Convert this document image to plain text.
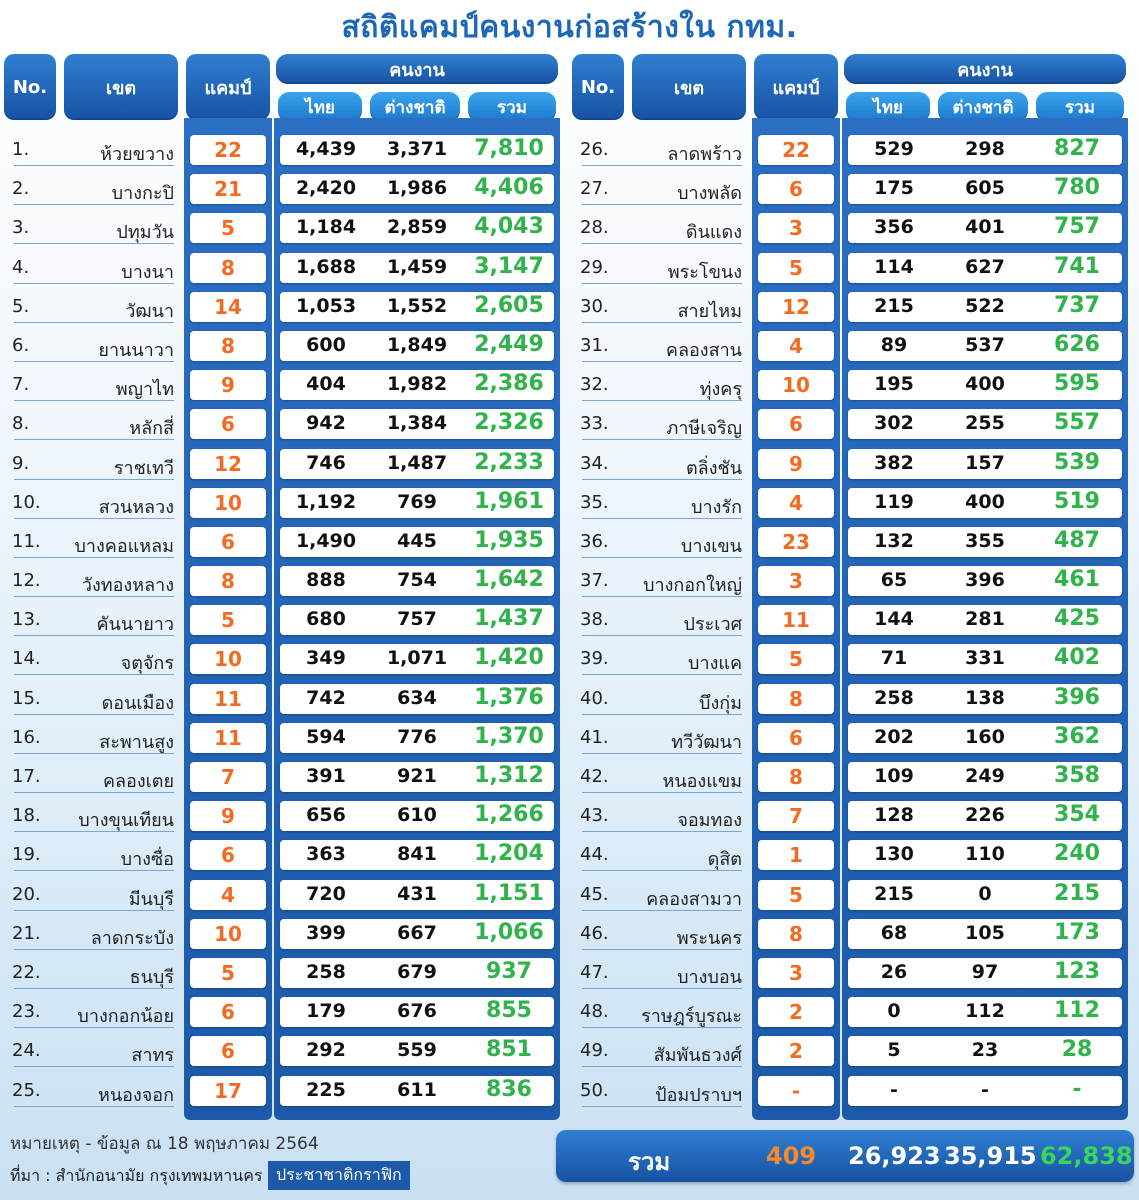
สถิติแคมป์คนงานก่อสร้างใน กทม.
No.	เขต	แคมป์
คนงาน
ไทย	ต่างชาติ	รวม
1.	ห้วยขวาง	22	4,439	3,371	7,810
2.	บางกะปิ	21	2,420	1,986	4,406
3.	ปทุมวัน	5	1,184	2,859	4,043
4.	บางนา	8	1,688	1,459	3,147
5.	วัฒนา	14	1,053	1,552	2,605
6.	ยานนาวา	8	600	1,849	2,449
7.	พญาไท	9	404	1,982	2,386
8.	หลักสี่	6	942	1,384	2,326
9.	ราชเทวี	12	746	1,487	2,233
10.	สวนหลวง	10	1,192	769	1,961
11.	บางคอแหลม	6	1,490	445	1,935
12.	วังทองหลาง	8	888	754	1,642
13.	คันนายาว	5	680	757	1,437
14.	จตุจักร	10	349	1,071	1,420
15.	ดอนเมือง	11	742	634	1,376
16.	สะพานสูง	11	594	776	1,370
17.	คลองเตย	7	391	921	1,312
18.	บางขุนเทียน	9	656	610	1,266
19.	บางซื่อ	6	363	841	1,204
20.	มีนบุรี	4	720	431	1,151
21.	ลาดกระบัง	10	399	667	1,066
22.	ธนบุรี	5	258	679	937
23.	บางกอกน้อย	6	179	676	855
24.	สาทร	6	292	559	851
25.	หนองจอก	17	225	611	836
No.	เขต	แคมป์
คนงาน
ไทย	ต่างชาติ	รวม
26.	ลาดพร้าว	22	529	298	827
27.	บางพลัด	6	175	605	780
28.	ดินแดง	3	356	401	757
29.	พระโขนง	5	114	627	741
30.	สายไหม	12	215	522	737
31.	คลองสาน	4	89	537	626
32.	ทุ่งครุ	10	195	400	595
33.	ภาษีเจริญ	6	302	255	557
34.	ตลิ่งชัน	9	382	157	539
35.	บางรัก	4	119	400	519
36.	บางเขน	23	132	355	487
37.	บางกอกใหญ่	3	65	396	461
38.	ประเวศ	11	144	281	425
39.	บางแค	5	71	331	402
40.	บึงกุ่ม	8	258	138	396
41.	ทวีวัฒนา	6	202	160	362
42.	หนองแขม	8	109	249	358
43.	จอมทอง	7	128	226	354
44.	ดุสิต	1	130	110	240
45.	คลองสามวา	5	215	0	215
46.	พระนคร	8	68	105	173
47.	บางบอน	3	26	97	123
48.	ราษฎร์บูรณะ	2	0	112	112
49.	สัมพันธวงศ์	2	5	23	28
50.	ป้อมปราบฯ	-	-	-	-
หมายเหตุ - ข้อมูล ณ 18 พฤษภาคม 2564
ที่มา : สำนักอนามัย กรุงเทพมหานคร ประชาชาติกราฟิก	รวม	409 26,923 35,915 62,838
